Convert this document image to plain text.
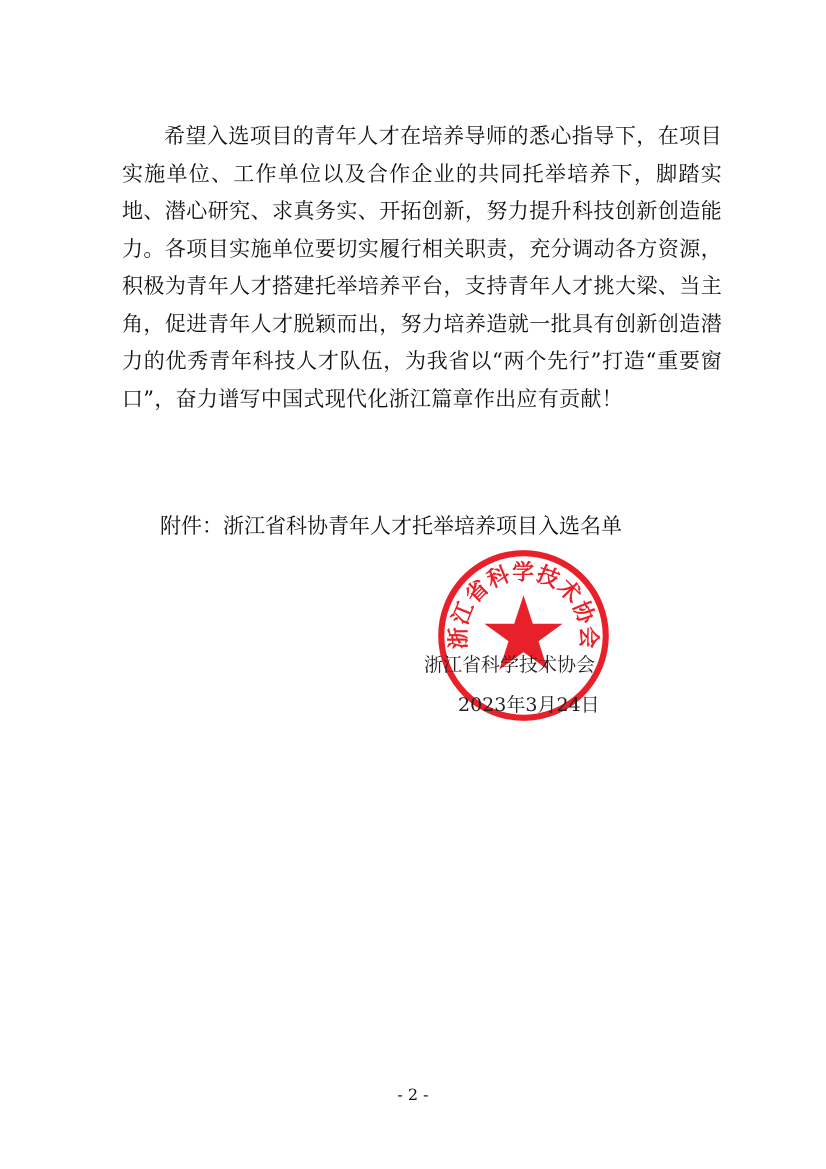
希望入选项目的青年人才在培养导师的悉心指导下，在项目实施单位、工作单位以及合作企业的共同托举培养下，脚踏实地、潜心研究、求真务实、开拓创新，努力提升科技创新创造能力。各项目实施单位要切实履行相关职责，充分调动各方资源，积极为青年人才搭建托举培养平台，支持青年人才挑大梁、当主角，促进青年人才脱颖而出，努力培养造就一批具有创新创造潜力的优秀青年科技人才队伍，为我省以“两个先行”打造“重要窗口”，奋力谱写中国式现代化浙江篇章作出应有贡献！

附件：浙江省科协青年人才托举培养项目入选名单

浙江省科学技术协会
浙江省科学技术协会
2023年3月24日

- 2 -
